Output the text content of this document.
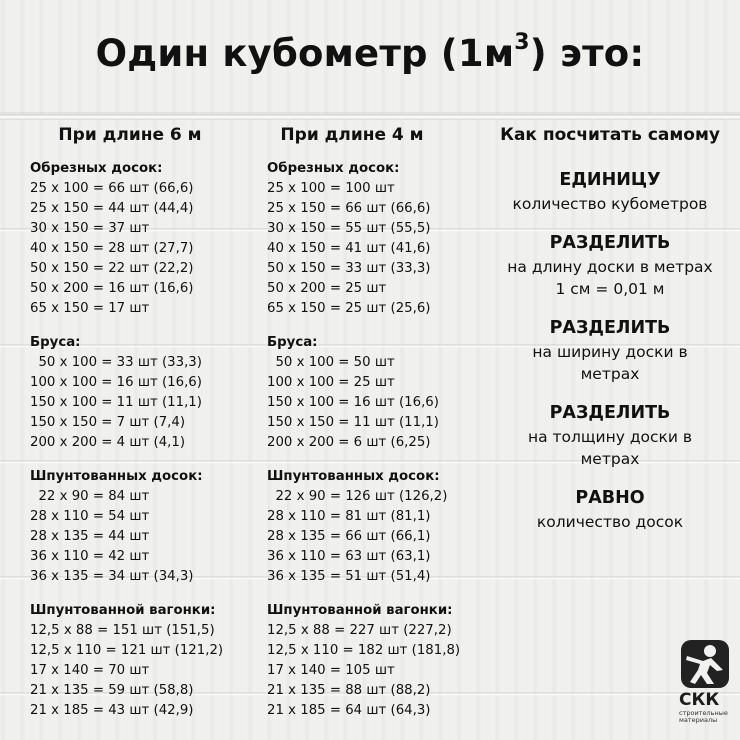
Один кубометр $(1м^3)$ это:
При длине 6 м
Обрезных досок:
25 x 100 = 66 шт (66,6)
25 x 150 = 44 шт (44,4)
30 x 150 = 37 шт
40 x 150 = 28 шт (27,7)
50 x 150 = 22 шт (22,2)
50 x 200 = 16 шт (16,6)
65 x 150 = 17 шт
Бруса:
50 x 100 = 33 шт (33,3)
100 x 100 = 16 шт (16,6)
150 x 100 = 11 шт (11,1)
150 x 150 = 7 шт (7,4)
200 x 200 = 4 шт (4,1)
Шпунтованных досок:
22 x 90 = 84 шт
28 x 110 = 54 шт
28 x 135 = 44 шт
36 x 110 = 42 шт
36 x 135 = 34 шт (34,3)
Шпунтованной вагонки:
12,5 x 88 = 151 шт (151,5)
12,5 x 110 = 121 шт (121,2)
17 x 140 = 70 шт
21 x 135 = 59 шт (58,8)
21 x 185 = 43 шт (42,9)
При длине 4 м
Обрезных досок:
25 x 100 = 100 шт
25 x 150 = 66 шт (66,6)
30 x 150 = 55 шт (55,5)
40 x 150 = 41 шт (41,6)
50 x 150 = 33 шт (33,3)
50 x 200 = 25 шт
65 x 150 = 25 шт (25,6)
Бруса:
50 x 100 = 50 шт
100 x 100 = 25 шт
150 x 100 = 16 шт (16,6)
150 x 150 = 11 шт (11,1)
200 x 200 = 6 шт (6,25)
Шпунтованных досок:
22 x 90 = 126 шт (126,2)
28 x 110 = 81 шт (81,1)
28 x 135 = 66 шт (66,1)
36 x 110 = 63 шт (63,1)
36 x 135 = 51 шт (51,4)
Шпунтованной вагонки:
12,5 x 88 = 227 шт (227,2)
12,5 x 110 = 182 шт (181,8)
17 x 140 = 105 шт
21 x 135 = 88 шт (88,2)
21 x 185 = 64 шт (64,3)
Как посчитать самому
ЕДИНИЦУ
количество кубометров
РАЗДЕЛИТЬ
на длину доски в метрах
1 см = 0,01 м
РАЗДЕЛИТЬ
на ширину доски в
метрах
РАЗДЕЛИТЬ
на толщину доски в
метрах
РАВНО
количество досок
СКК
строительные
материалы
